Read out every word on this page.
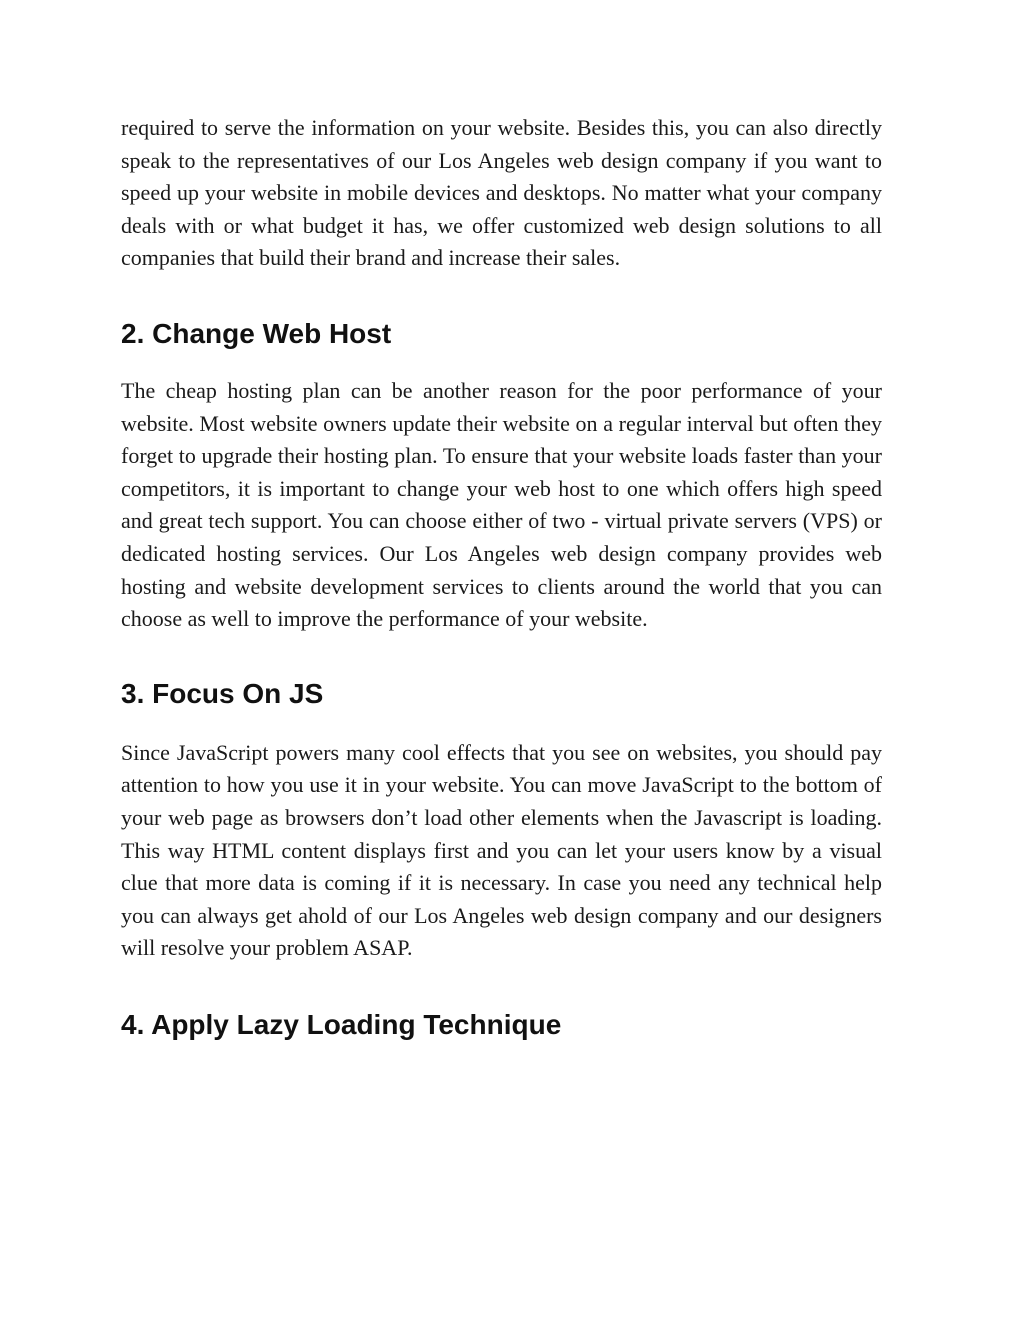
required to serve the information on your website. Besides this, you can also directly speak to the representatives of our Los Angeles web design company if you want to speed up your website in mobile devices and desktops. No matter what your company deals with or what budget it has, we offer customized web design solutions to all companies that build their brand and increase their sales.

2. Change Web Host

The cheap hosting plan can be another reason for the poor performance of your website. Most website owners update their website on a regular interval but often they forget to upgrade their hosting plan. To ensure that your website loads faster than your competitors, it is important to change your web host to one which offers high speed and great tech support. You can choose either of two - virtual private servers (VPS) or dedicated hosting services. Our Los Angeles web design company provides web hosting and website development services to clients around the world that you can choose as well to improve the performance of your website.

3. Focus On JS

Since JavaScript powers many cool effects that you see on websites, you should pay attention to how you use it in your website. You can move JavaScript to the bottom of your web page as browsers don’t load other elements when the Javascript is loading. This way HTML content displays first and you can let your users know by a visual clue that more data is coming if it is necessary. In case you need any technical help you can always get ahold of our Los Angeles web design company and our designers will resolve your problem ASAP.

4. Apply Lazy Loading Technique
